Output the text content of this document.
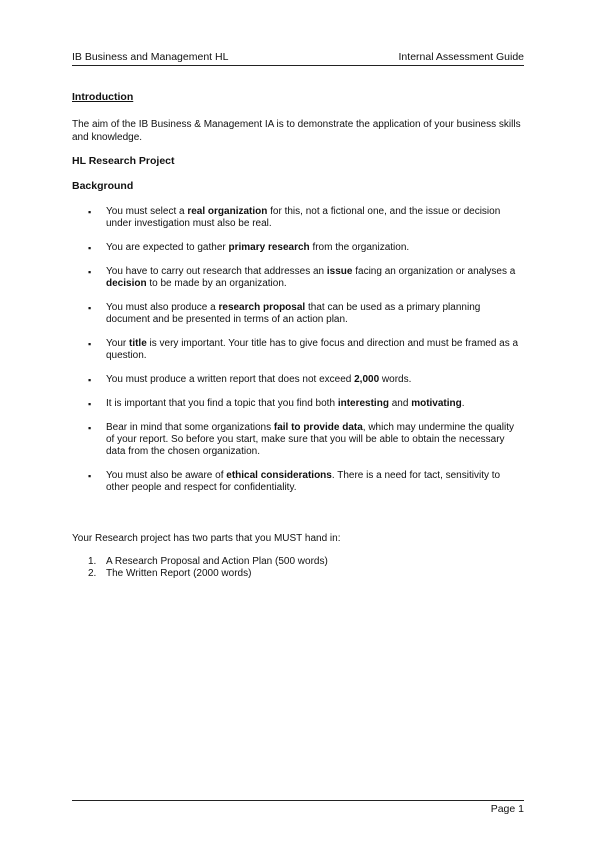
IB Business and Management HL	Internal Assessment Guide
Introduction
The aim of the IB Business & Management IA is to demonstrate the application of your business skills and knowledge.
HL Research Project
Background
▪ You must select a real organization for this, not a fictional one, and the issue or decision under investigation must also be real.
▪ You are expected to gather primary research from the organization.
▪ You have to carry out research that addresses an issue facing an organization or analyses a decision to be made by an organization.
▪ You must also produce a research proposal that can be used as a primary planning document and be presented in terms of an action plan.
▪ Your title is very important. Your title has to give focus and direction and must be framed as a question.
▪ You must produce a written report that does not exceed 2,000 words.
▪ It is important that you find a topic that you find both interesting and motivating.
▪ Bear in mind that some organizations fail to provide data, which may undermine the quality of your report. So before you start, make sure that you will be able to obtain the necessary data from the chosen organization.
▪ You must also be aware of ethical considerations. There is a need for tact, sensitivity to other people and respect for confidentiality.
Your Research project has two parts that you MUST hand in:
1. A Research Proposal and Action Plan (500 words)
2. The Written Report (2000 words)
Page 1
